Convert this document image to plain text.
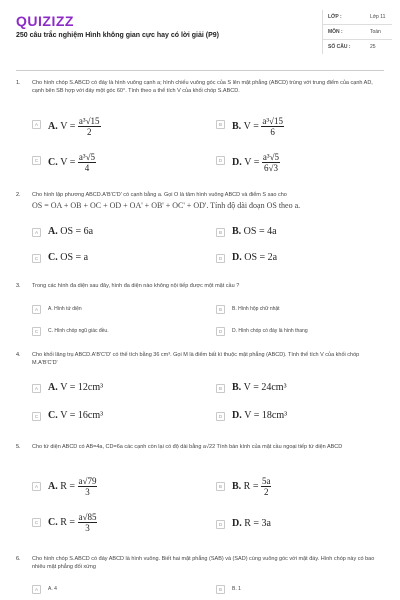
QUIZIZZ
250 câu trắc nghiệm Hình không gian cực hay có lời giải (P9)
LỚP :	Lớp 11
MÔN :	Toán
SỐ CÂU :	25
1. Cho hình chóp S.ABCD có đáy là hình vuông cạnh a; hình chiếu vuông góc của S lên mặt phẳng (ABCD) trùng với trung điểm của cạnh AD, cạnh bên SB hợp với đáy một góc 60°. Tính theo a thể tích V của khối chóp S.ABCD.
A	A. $V = \frac{\text{a³√15}}{2}$	B	B. $V = \frac{\text{a³√15}}{6}$
C C. $V = \frac{\text{a³√5}}{4}$	D D. $V = \frac{\text{a³√5}}{6√3}$
2. Cho hình lập phương ABCD.A'B'C'D' có cạnh bằng a. Gọi O là tâm hình vuông ABCD và điểm S sao cho
OS = OA + OB + OC + OD + OA' + OB' + OC' + OD'. Tính độ dài đoạn OS theo a.
A	A. OS = 6a	B	B. OS = 4a
C C. OS = a	D D. OS = 2a
3. Trong các hình đa diện sau đây, hình đa diện nào không nội tiếp được một mặt cầu ?
A	A. Hình tứ diện	B	B. Hình hộp chữ nhật
C	C. Hình chóp ngũ giác đều.	D	D. Hình chóp có đáy là hình thang
4. Cho khối lăng trụ ABCD.A'B'C'D' có thể tích bằng 36 cm³. Gọi M là điểm bất kì thuộc mặt phẳng (ABCD). Tính thể tích V của khối chóp M.A'B'C'D'
A	A. V = 12cm³	B	B. V = 24cm³
C C. V = 16cm³	D D. V = 18cm³
5. Cho tứ diện ABCD có AB=4a, CD=6a các cạnh còn lại có độ dài bằng a√22 Tính bán kính của mặt cầu ngoại tiếp tứ diện ABCD
A	A. $R = \frac{a√79}{3}$	B	B. $R = \frac{5a}{2}$
C C. $R = \frac{a√85}{3}$	D D. R = 3a
6. Cho hình chóp S.ABCD có đáy ABCD là hình vuông. Biết hai mặt phẳng (SAB) và (SAD) cùng vuông góc với mặt đáy. Hình chóp này có bao nhiêu mặt phẳng đối xứng
A	A. 4	B	B. 1
